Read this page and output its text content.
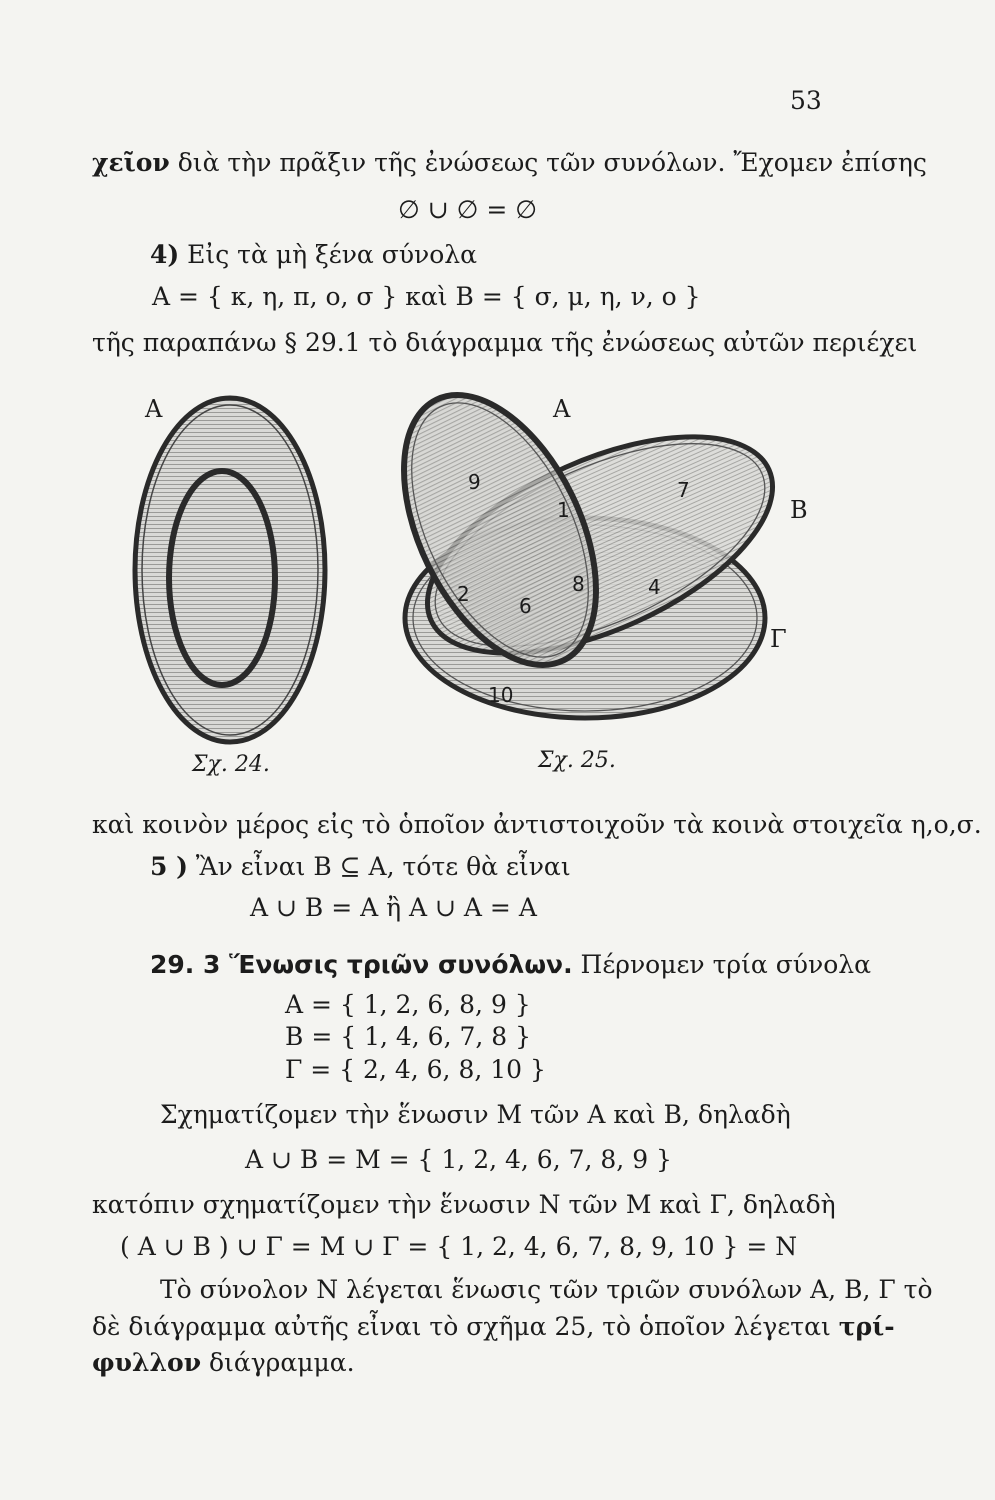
53
χεῖον διὰ τὴν πρᾶξιν τῆς ἐνώσεως τῶν συνόλων. Ἔχομεν ἐπίσης
∅ ∪ ∅ = ∅
4) Εἰς τὰ μὴ ξένα σύνολα
A = { κ, η, π, ο, σ } καὶ B = { σ, μ, η, ν, ο }
τῆς παραπάνω § 29.1 τὸ διάγραμμα τῆς ἐνώσεως αὐτῶν περιέχει
A
Σχ. 24.
A
B
Γ
9	7
1
2	8	4
6
10
Σχ. 25.
καὶ κοινὸν μέρος εἰς τὸ ὁποῖον ἀντιστοιχοῦν τὰ κοινὰ στοιχεῖα η,ο,σ.
5 ) Ἂν εἶναι B ⊆ A, τότε θὰ εἶναι
A ∪ B = A ἢ A ∪ A = A
29. 3 Ἕνωσις τριῶν συνόλων. Πέρνομεν τρία σύνολα
A = { 1, 2, 6, 8, 9 }
B = { 1, 4, 6, 7, 8 }
Γ = { 2, 4, 6, 8, 10 }
Σχηματίζομεν τὴν ἕνωσιν M τῶν A καὶ B, δηλαδὴ
A ∪ B = M = { 1, 2, 4, 6, 7, 8, 9 }
κατόπιν σχηματίζομεν τὴν ἕνωσιν N τῶν M καὶ Γ, δηλαδὴ
( A ∪ B ) ∪ Γ = M ∪ Γ = { 1, 2, 4, 6, 7, 8, 9, 10 } = N
Τὸ σύνολον N λέγεται ἕνωσις τῶν τριῶν συνόλων A, B, Γ τὸ
δὲ διάγραμμα αὐτῆς εἶναι τὸ σχῆμα 25, τὸ ὁποῖον λέγεται τρί-
φυλλον διάγραμμα.
